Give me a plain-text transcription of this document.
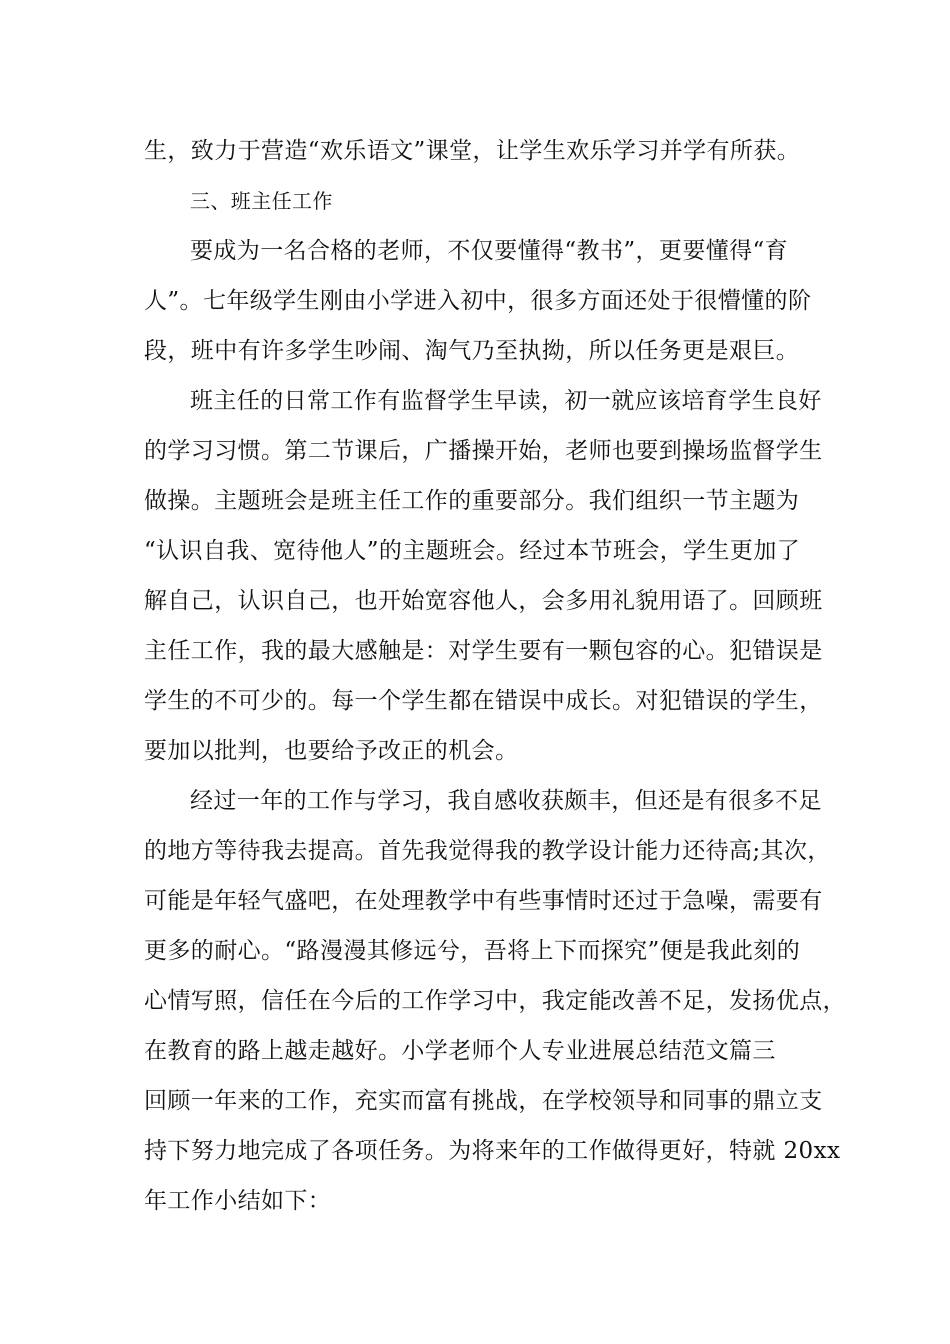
生，致力于营造“欢乐语文”课堂，让学生欢乐学习并学有所获。
三、班主任工作
要成为一名合格的老师，不仅要懂得“教书”，更要懂得“育
人”。七年级学生刚由小学进入初中，很多方面还处于很懵懂的阶
段，班中有许多学生吵闹、淘气乃至执拗，所以任务更是艰巨。
班主任的日常工作有监督学生早读，初一就应该培育学生良好
的学习习惯。第二节课后，广播操开始，老师也要到操场监督学生
做操。主题班会是班主任工作的重要部分。我们组织一节主题为
“认识自我、宽待他人”的主题班会。经过本节班会，学生更加了
解自己，认识自己，也开始宽容他人，会多用礼貌用语了。回顾班
主任工作，我的最大感触是：对学生要有一颗包容的心。犯错误是
学生的不可少的。每一个学生都在错误中成长。对犯错误的学生，
要加以批判，也要给予改正的机会。
经过一年的工作与学习，我自感收获颇丰，但还是有很多不足
的地方等待我去提高。首先我觉得我的教学设计能力还待高;其次，
可能是年轻气盛吧，在处理教学中有些事情时还过于急噪，需要有
更多的耐心。“路漫漫其修远兮，吾将上下而探究”便是我此刻的
心情写照，信任在今后的工作学习中，我定能改善不足，发扬优点，
在教育的路上越走越好。小学老师个人专业进展总结范文篇三
回顾一年来的工作，充实而富有挑战，在学校领导和同事的鼎立支
持下努力地完成了各项任务。为将来年的工作做得更好，特就 20xx
年工作小结如下：
